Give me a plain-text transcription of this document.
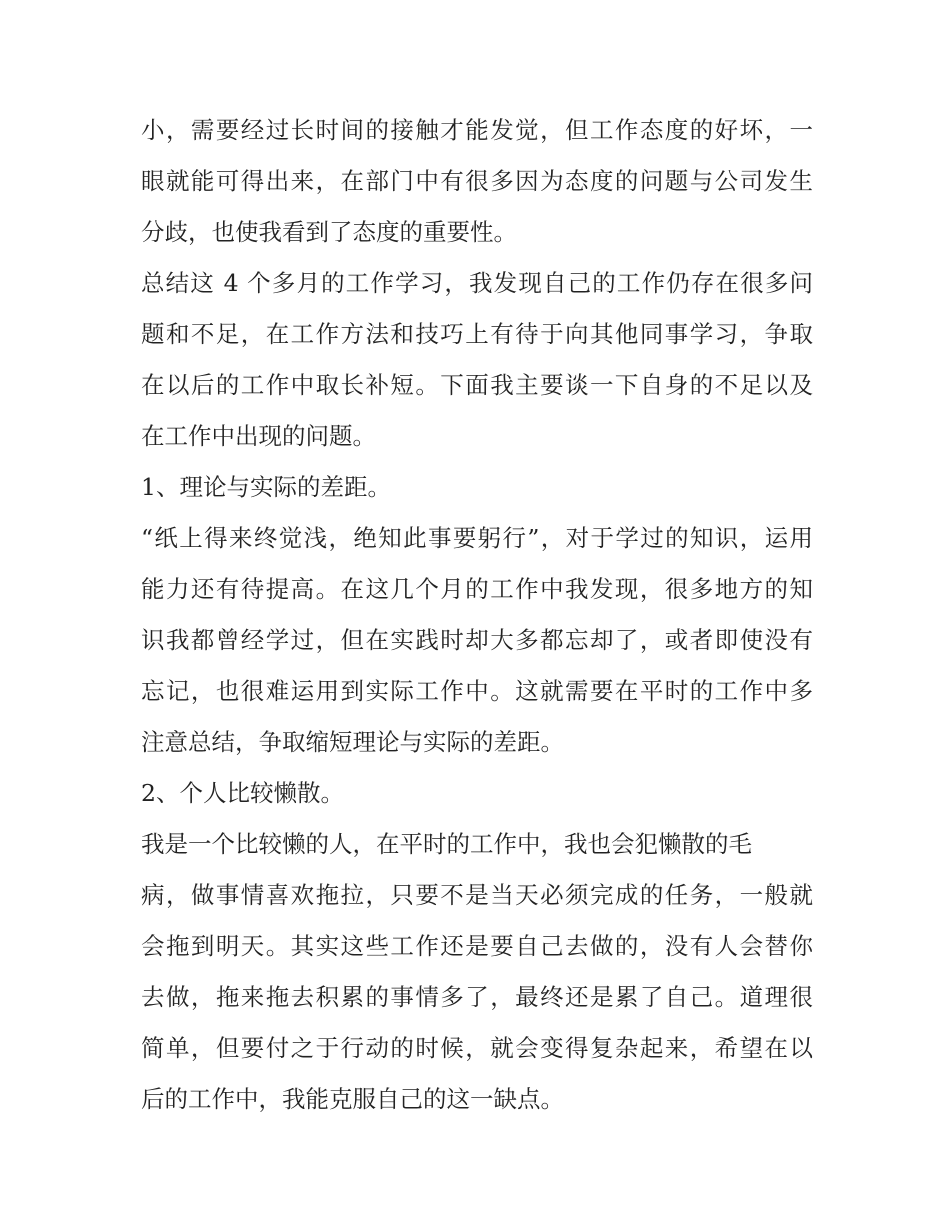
小，需要经过长时间的接触才能发觉，但工作态度的好坏，一
眼就能可得出来，在部门中有很多因为态度的问题与公司发生
分歧，也使我看到了态度的重要性。
总结这 4 个多月的工作学习，我发现自己的工作仍存在很多问
题和不足，在工作方法和技巧上有待于向其他同事学习，争取
在以后的工作中取长补短。下面我主要谈一下自身的不足以及
在工作中出现的问题。
1、理论与实际的差距。
“纸上得来终觉浅，绝知此事要躬行”，对于学过的知识，运用
能力还有待提高。在这几个月的工作中我发现，很多地方的知
识我都曾经学过，但在实践时却大多都忘却了，或者即使没有
忘记，也很难运用到实际工作中。这就需要在平时的工作中多
注意总结，争取缩短理论与实际的差距。
2、个人比较懒散。
我是一个比较懒的人，在平时的工作中，我也会犯懒散的毛
病，做事情喜欢拖拉，只要不是当天必须完成的任务，一般就
会拖到明天。其实这些工作还是要自己去做的，没有人会替你
去做，拖来拖去积累的事情多了，最终还是累了自己。道理很
简单，但要付之于行动的时候，就会变得复杂起来，希望在以
后的工作中，我能克服自己的这一缺点。
